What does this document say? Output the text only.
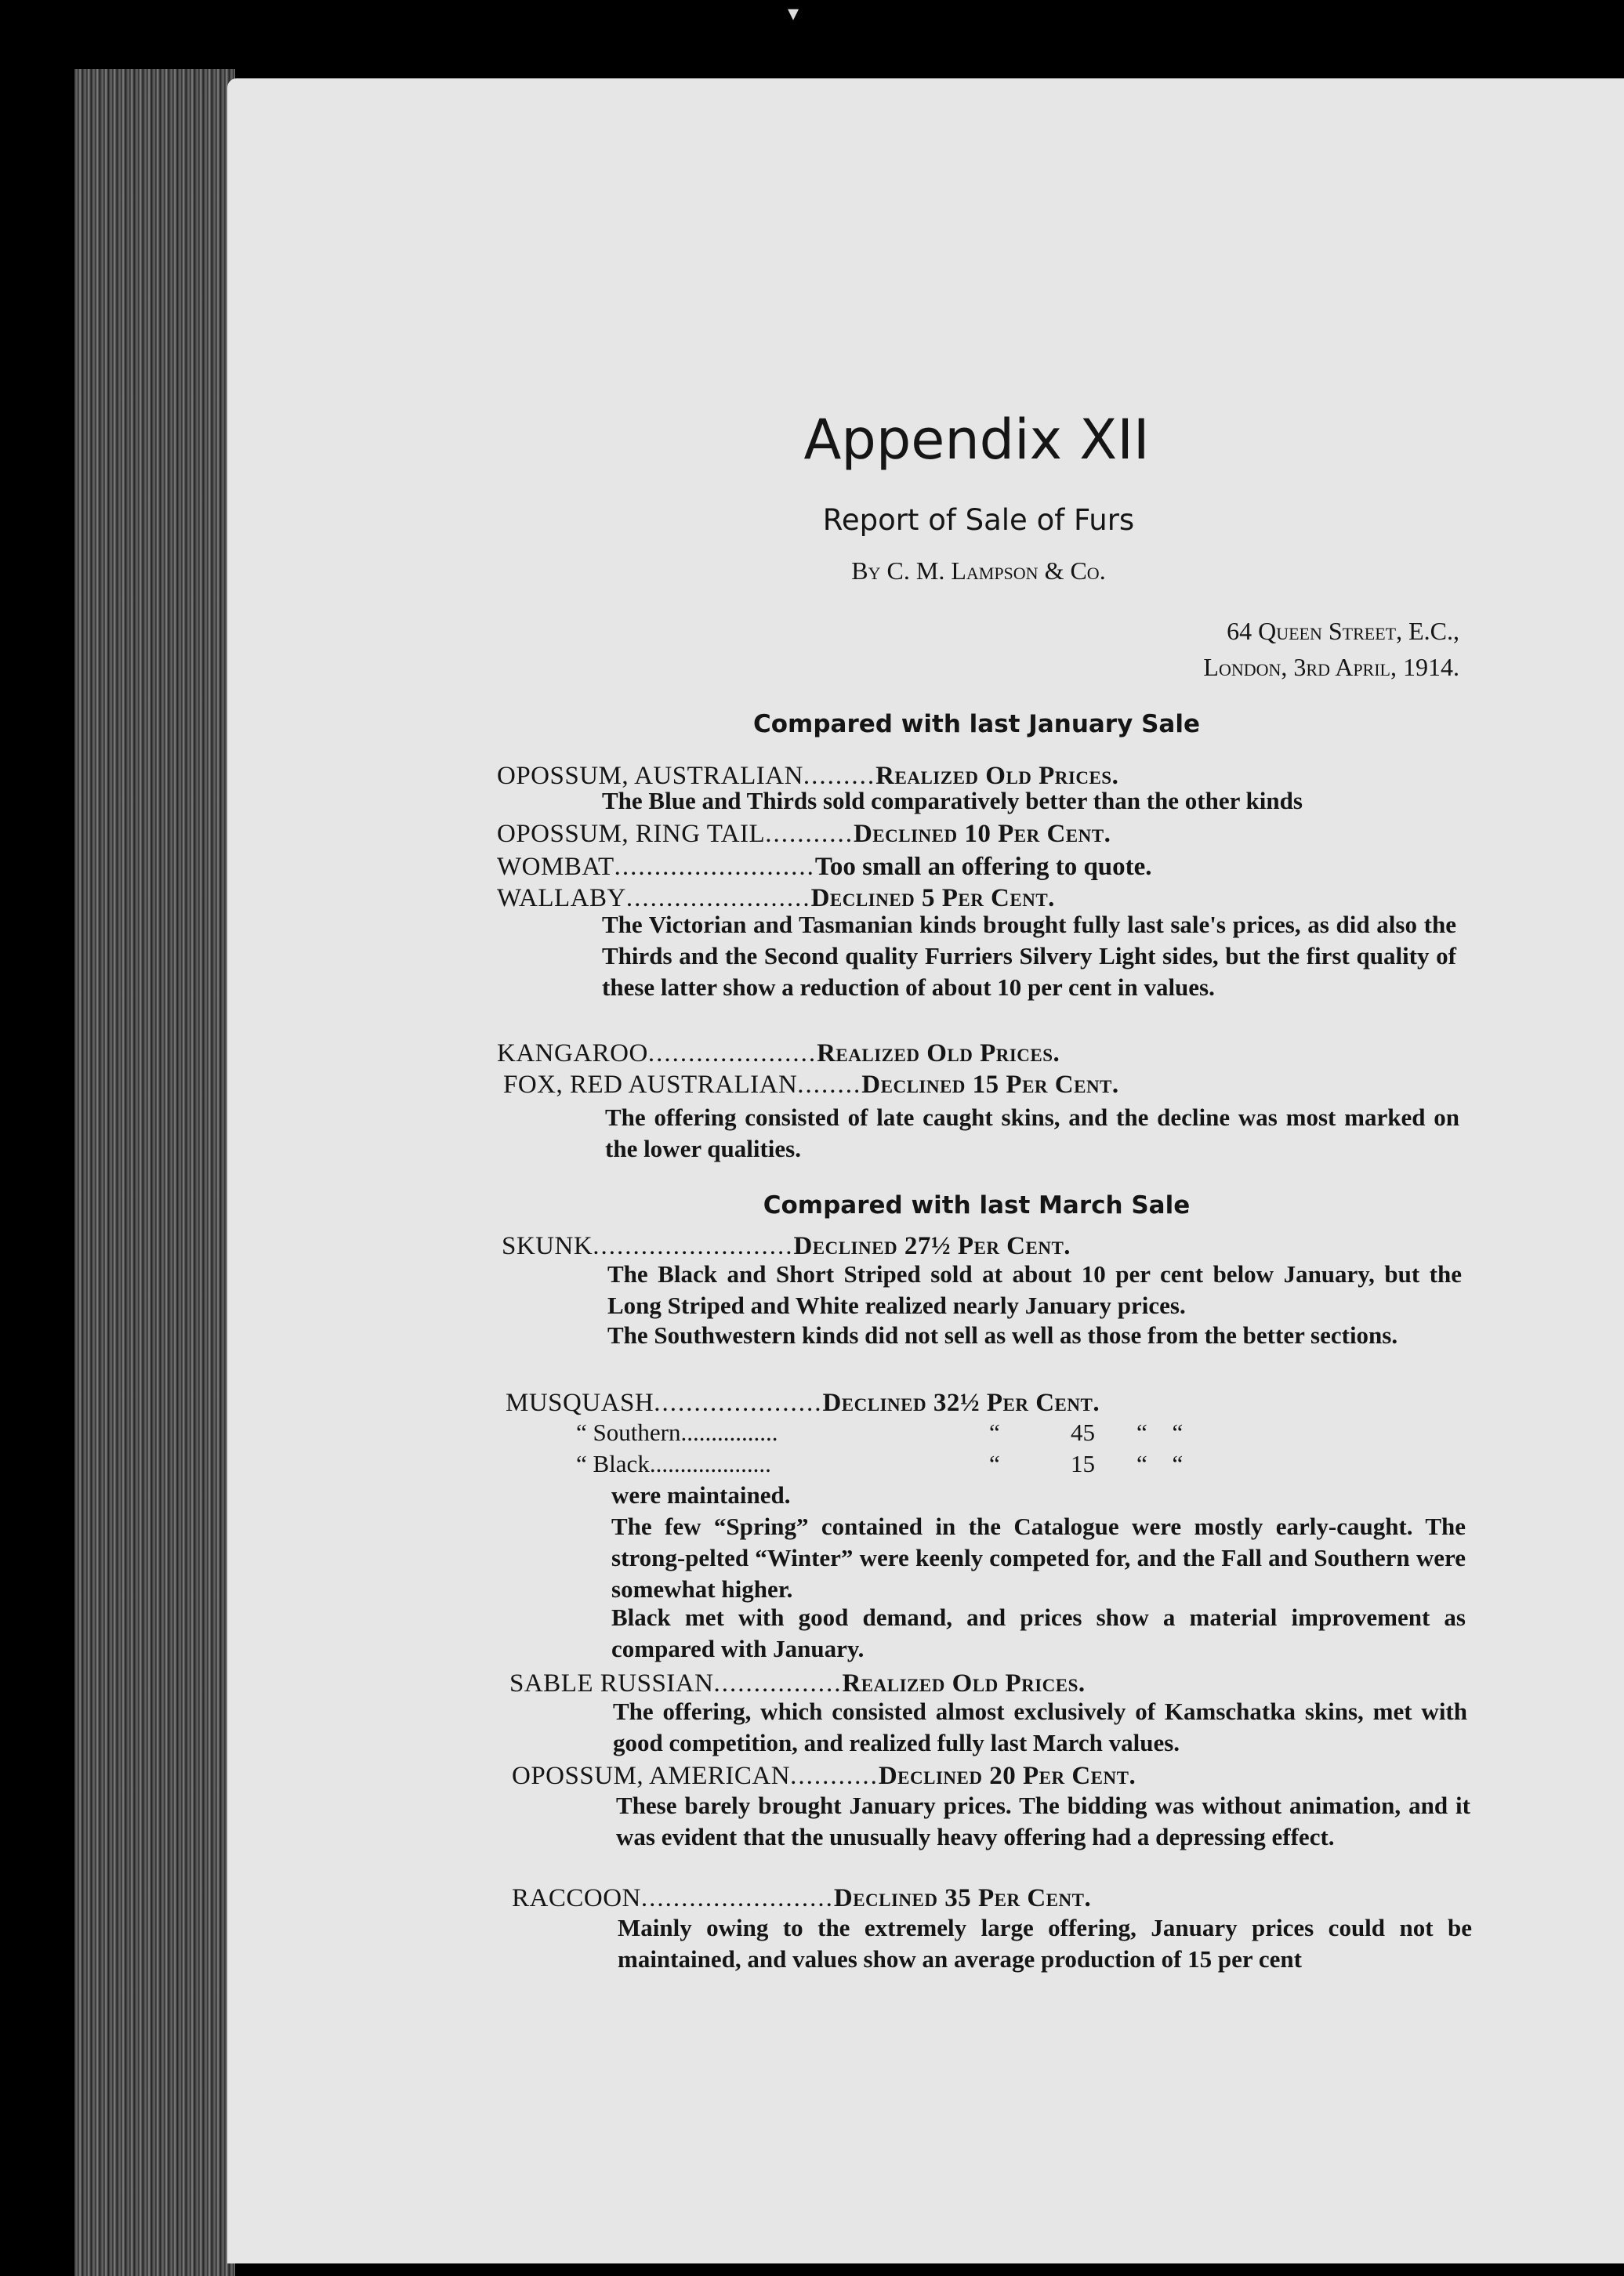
▾
Appendix XII
Report of Sale of Furs
By C. M. Lampson & Co.
64 Queen Street, E.C.,
London, 3rd April, 1914.
Compared with last January Sale
OPOSSUM, AUSTRALIAN.........Realized Old Prices.
The Blue and Thirds sold comparatively better than the other kinds
OPOSSUM, RING TAIL...........Declined 10 Per Cent.
WOMBAT.........................Too small an offering to quote.
WALLABY.......................Declined 5 Per Cent.
The Victorian and Tasmanian kinds brought fully last sale's prices, as did also the Thirds and the Second quality Furriers Silvery Light sides, but the first quality of these latter show a reduction of about 10 per cent in values.
KANGAROO.....................Realized Old Prices.
FOX, RED AUSTRALIAN........Declined 15 Per Cent.
The offering consisted of late caught skins, and the decline was most marked on the lower qualities.
Compared with last March Sale
SKUNK.........................Declined 27½ Per Cent.
The Black and Short Striped sold at about 10 per cent below January, but the Long Striped and White realized nearly January prices.
The Southwestern kinds did not sell as well as those from the better sections.
MUSQUASH.....................Declined 32½ Per Cent.
“ Southern................	“	45 “ “
“ Black....................	“	15 “ “
were maintained.
The few “Spring” contained in the Catalogue were mostly early-caught. The strong-pelted “Winter” were keenly competed for, and the Fall and Southern were somewhat higher.
Black met with good demand, and prices show a material improvement as compared with January.
SABLE RUSSIAN................Realized Old Prices.
The offering, which consisted almost exclusively of Kamschatka skins, met with good competition, and realized fully last March values.
OPOSSUM, AMERICAN...........Declined 20 Per Cent.
These barely brought January prices. The bidding was without animation, and it was evident that the unusually heavy offering had a depressing effect.
RACCOON........................Declined 35 Per Cent.
Mainly owing to the extremely large offering, January prices could not be maintained, and values show an average production of 15 per cent
